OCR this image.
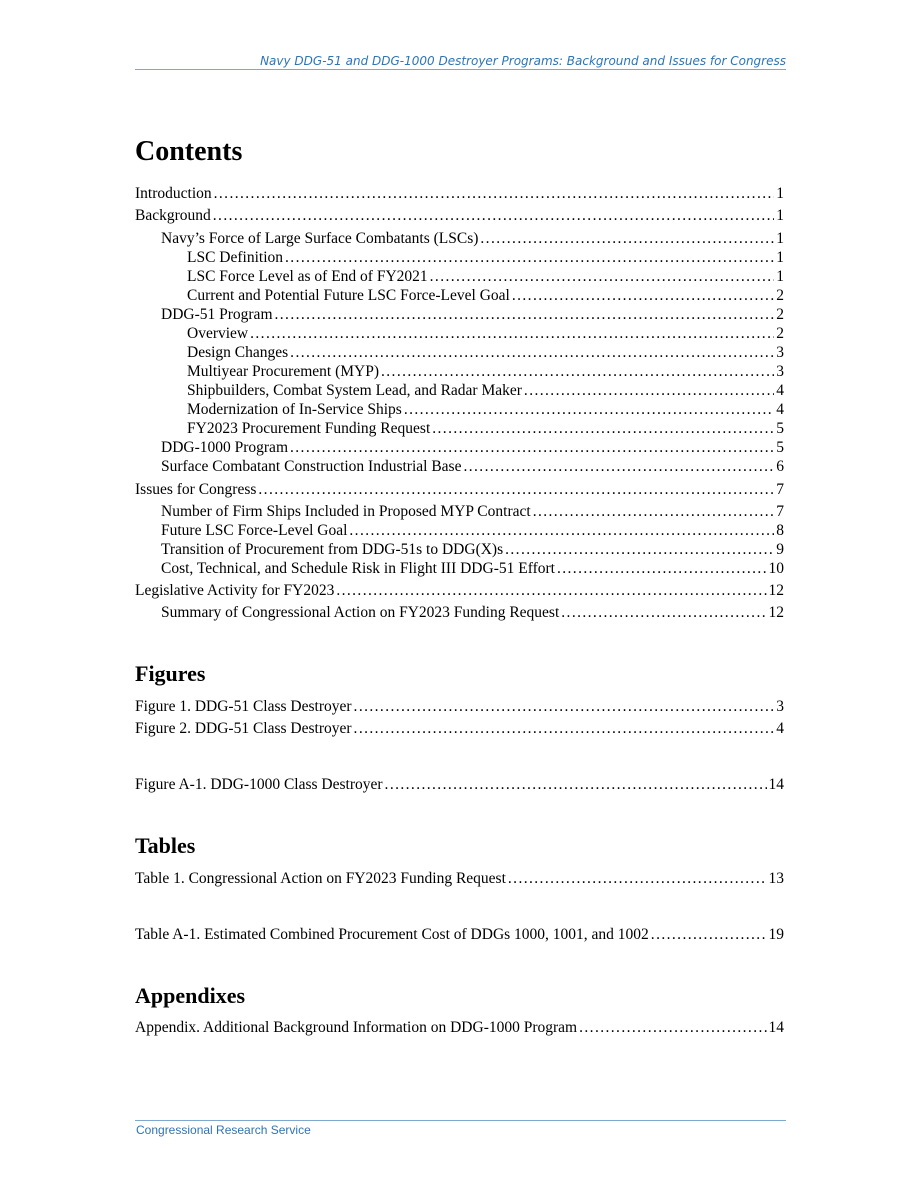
Navy DDG-51 and DDG-1000 Destroyer Programs: Background and Issues for Congress
Contents
Introduction .....	1
Background .....	1
Navy’s Force of Large Surface Combatants (LSCs) .....	1
LSC Definition .....	1
LSC Force Level as of End of FY2021 .....	1
Current and Potential Future LSC Force-Level Goal .....	2
DDG-51 Program .....	2
Overview .....	2
Design Changes .....	3
Multiyear Procurement (MYP) .....	3
Shipbuilders, Combat System Lead, and Radar Maker .....	4
Modernization of In-Service Ships .....	4
FY2023 Procurement Funding Request .....	5
DDG-1000 Program .....	5
Surface Combatant Construction Industrial Base .....	6
Issues for Congress .....	7
Number of Firm Ships Included in Proposed MYP Contract .....	7
Future LSC Force-Level Goal .....	8
Transition of Procurement from DDG-51s to DDG(X)s .....	9
Cost, Technical, and Schedule Risk in Flight III DDG-51 Effort .....	10
Legislative Activity for FY2023 .....	12
Summary of Congressional Action on FY2023 Funding Request .....	12
Figures
Figure 1. DDG-51 Class Destroyer .....	3
Figure 2. DDG-51 Class Destroyer .....	4
Figure A-1. DDG-1000 Class Destroyer .....	14
Tables
Table 1. Congressional Action on FY2023 Funding Request .....	13
Table A-1. Estimated Combined Procurement Cost of DDGs 1000, 1001, and 1002 .....	19
Appendixes
Appendix. Additional Background Information on DDG-1000 Program .....	14
Congressional Research Service
